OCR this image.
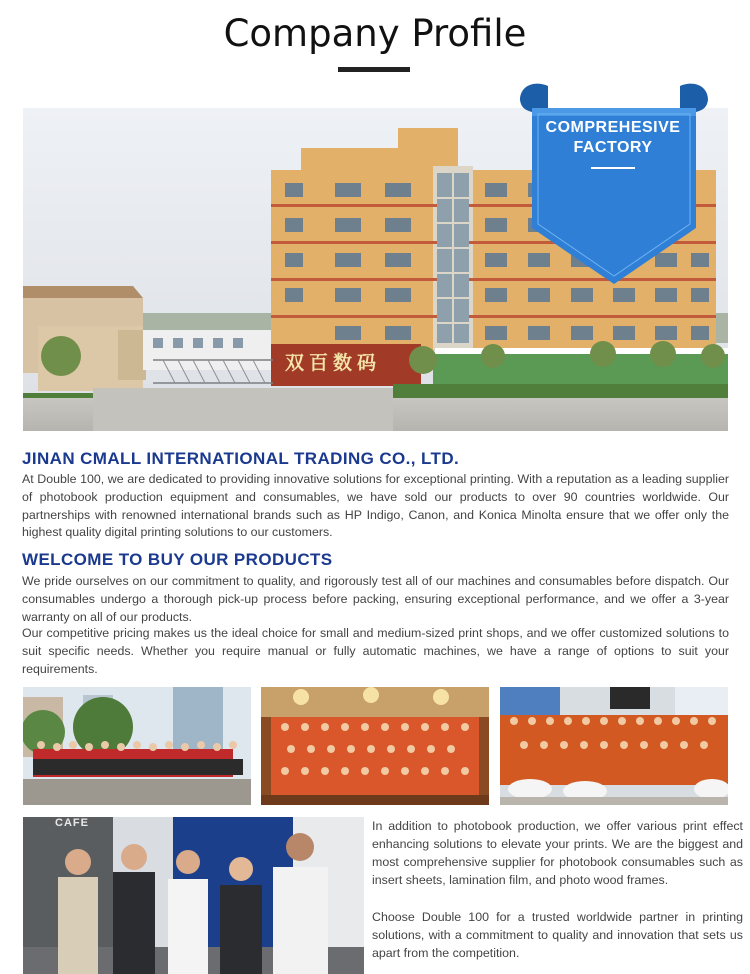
Company Profile
双百数码
COMPREHESIVE
FACTORY
JINAN CMALL INTERNATIONAL TRADING CO., LTD.
At Double 100, we are dedicated to providing innovative solutions for exceptional printing. With a reputation as a leading supplier of photobook production equipment and consumables, we have sold our products to over 90 countries worldwide. Our partnerships with renowned international brands such as HP Indigo, Canon, and Konica Minolta ensure that we offer only the highest quality digital printing solutions to our customers.
WELCOME TO BUY OUR PRODUCTS
We pride ourselves on our commitment to quality, and rigorously test all of our machines and consumables before dispatch. Our consumables undergo a thorough pick-up process before packing, ensuring exceptional performance, and we offer a 3-year warranty on all of our products.
Our competitive pricing makes us the ideal choice for small and medium-sized print shops, and we offer customized solutions to suit specific needs. Whether you require manual or fully automatic machines, we have a range of options to suit your requirements.
CAFE	In addition to photobook production, we offer various print effect enhancing solutions to elevate your prints. We are the biggest and most comprehensive supplier for photobook consumables such as insert sheets, lamination film, and photo wood frames.
Choose Double 100 for a trusted worldwide partner in printing solutions, with a commitment to quality and innovation that sets us apart from the competition.
